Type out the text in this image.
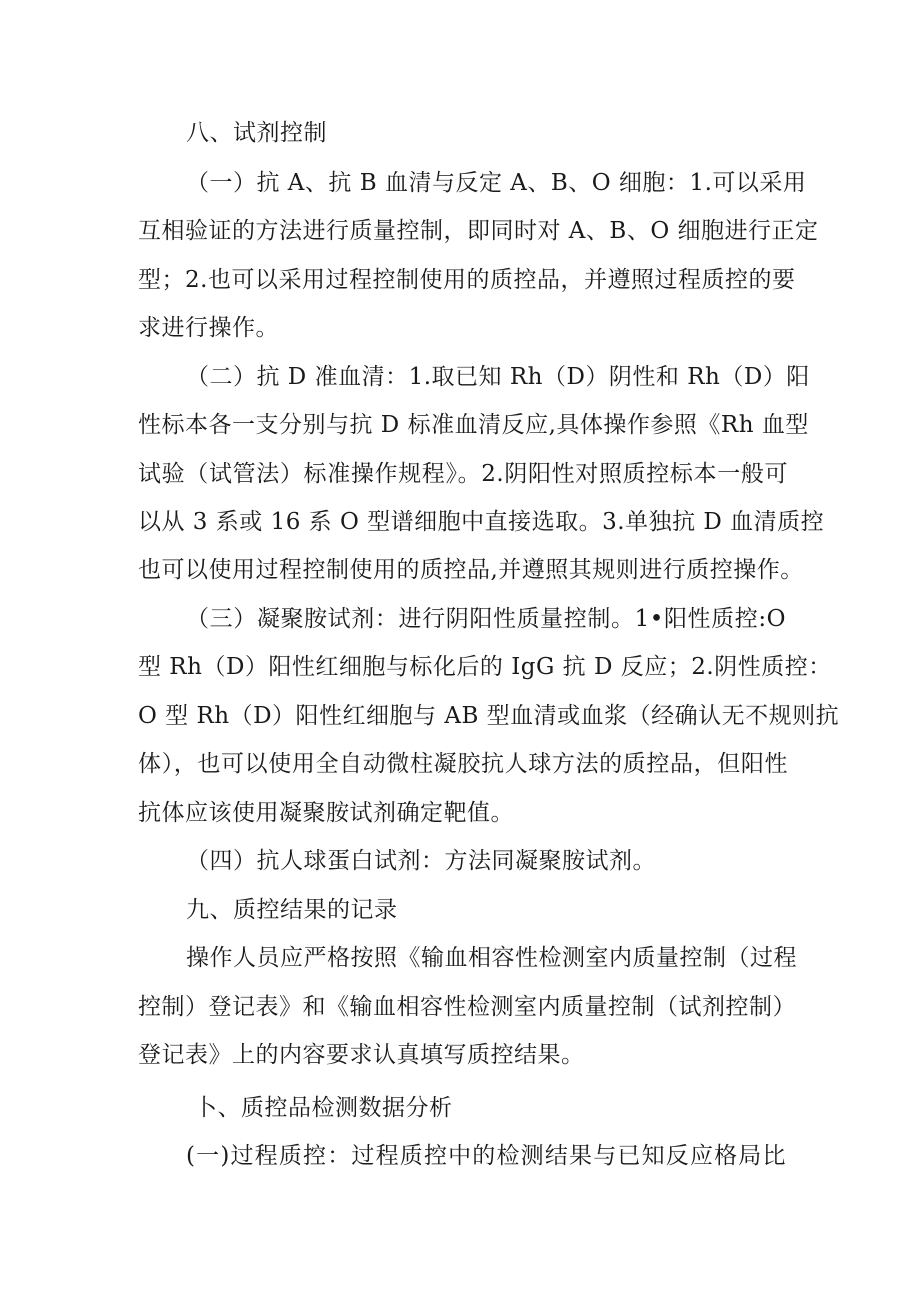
八、试剂控制
（一）抗 A、抗 B 血清与反定 A、B、O 细胞：1.可以采用
互相验证的方法进行质量控制，即同时对 A、B、O 细胞进行正定
型；2.也可以采用过程控制使用的质控品，并遵照过程质控的要
求进行操作。
（二）抗 D 准血清：1.取已知 Rh（D）阴性和 Rh（D）阳
性标本各一支分别与抗 D 标准血清反应,具体操作参照《Rh 血型
试验（试管法）标准操作规程》。2.阴阳性对照质控标本一般可
以从 3 系或 16 系 O 型谱细胞中直接选取。3.单独抗 D 血清质控
也可以使用过程控制使用的质控品,并遵照其规则进行质控操作。
（三）凝聚胺试剂：进行阴阳性质量控制。1•阳性质控:O
型 Rh（D）阳性红细胞与标化后的 IgG 抗 D 反应；2.阴性质控：
O 型 Rh（D）阳性红细胞与 AB 型血清或血浆（经确认无不规则抗
体），也可以使用全自动微柱凝胶抗人球方法的质控品，但阳性
抗体应该使用凝聚胺试剂确定靶值。
（四）抗人球蛋白试剂：方法同凝聚胺试剂。
九、质控结果的记录
操作人员应严格按照《输血相容性检测室内质量控制（过程
控制）登记表》和《输血相容性检测室内质量控制（试剂控制）
登记表》上的内容要求认真填写质控结果。
卜、质控品检测数据分析
(一)过程质控：过程质控中的检测结果与已知反应格局比
